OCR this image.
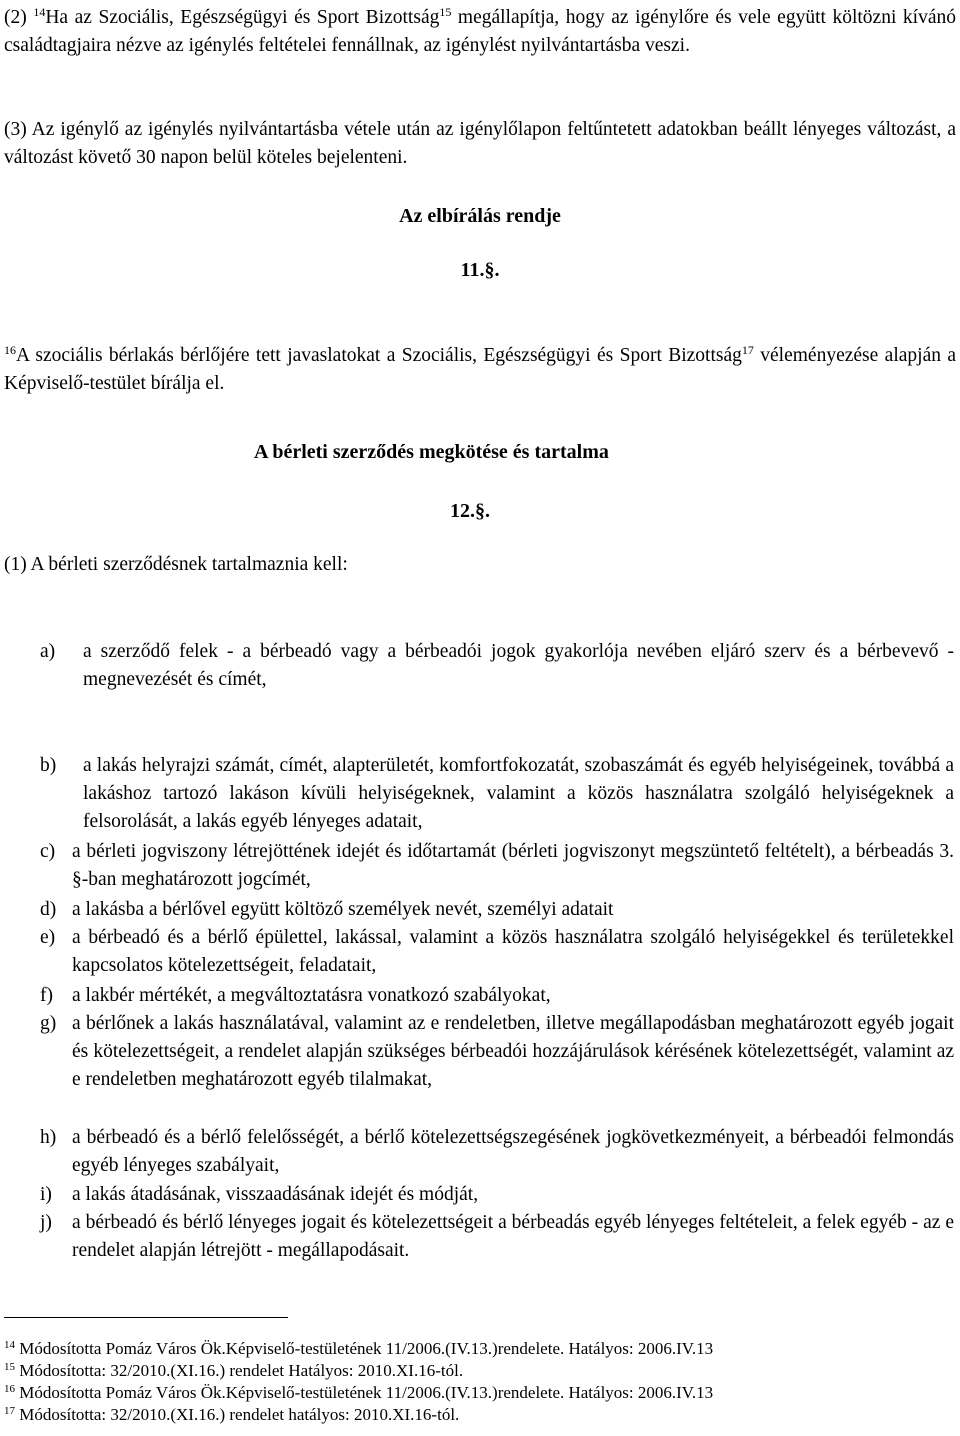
(2) $^{14}$Ha az Szociális, Egészségügyi és Sport Bizottság$^{15}$ megállapítja, hogy az igénylőre és vele együtt költözni kívánó családtagjaira nézve az igénylés feltételei fennállnak, az igénylést nyilvántartásba veszi.

(3) Az igénylő az igénylés nyilvántartásba vétele után az igénylőlapon feltűntetett adatokban beállt lényeges változást, a változást követő 30 napon belül köteles bejelenteni.

Az elbírálás rendje
11.§.

$^{16}$A szociális bérlakás bérlőjére tett javaslatokat a Szociális, Egészségügyi és Sport Bizottság$^{17}$ véleményezése alapján a Képviselő-testület bírálja el.

A bérleti szerződés megkötése és tartalma
12.§.

(1) A bérleti szerződésnek tartalmaznia kell:

a)	a szerződő felek - a bérbeadó vagy a bérbeadói jogok gyakorlója nevében eljáró szerv és a bérbevevő - megnevezését és címét,

b)	a lakás helyrajzi számát, címét, alapterületét, komfortfokozatát, szobaszámát és egyéb helyiségeinek, továbbá a lakáshoz tartozó lakáson kívüli helyiségeknek, valamint a közös használatra szolgáló helyiségeknek a felsorolását, a lakás egyéb lényeges adatait,

c) a bérleti jogviszony létrejöttének idejét és időtartamát (bérleti jogviszonyt megszüntető feltételt), a bérbeadás 3. §-ban meghatározott jogcímét,

d) a lakásba a bérlővel együtt költöző személyek nevét, személyi adatait

e) a bérbeadó és a bérlő épülettel, lakással, valamint a közös használatra szolgáló helyiségekkel és területekkel kapcsolatos kötelezettségeit, feladatait,

f) a lakbér mértékét, a megváltoztatásra vonatkozó szabályokat,

g) a bérlőnek a lakás használatával, valamint az e rendeletben, illetve megállapodásban meghatározott egyéb jogait és kötelezettségeit, a rendelet alapján szükséges bérbeadói hozzájárulások kérésének kötelezettségét, valamint az e rendeletben meghatározott egyéb tilalmakat,

h) a bérbeadó és a bérlő felelősségét, a bérlő kötelezettségszegésének jogkövetkezményeit, a bérbeadói felmondás egyéb lényeges szabályait,

i)	a lakás átadásának, visszaadásának idejét és módját,

j)	a bérbeadó és bérlő lényeges jogait és kötelezettségeit a bérbeadás egyéb lényeges feltételeit, a felek egyéb - az e rendelet alapján létrejött - megállapodásait.

$^{14}$ Módosította Pomáz Város Ök.Képviselő-testületének 11/2006.(IV.13.)rendelete. Hatályos: 2006.IV.13

$^{15}$ Módosította: 32/2010.(XI.16.) rendelet Hatályos: 2010.XI.16-tól.

$^{16}$ Módosította Pomáz Város Ök.Képviselő-testületének 11/2006.(IV.13.)rendelete. Hatályos: 2006.IV.13

$^{17}$ Módosította: 32/2010.(XI.16.) rendelet hatályos: 2010.XI.16-tól.
